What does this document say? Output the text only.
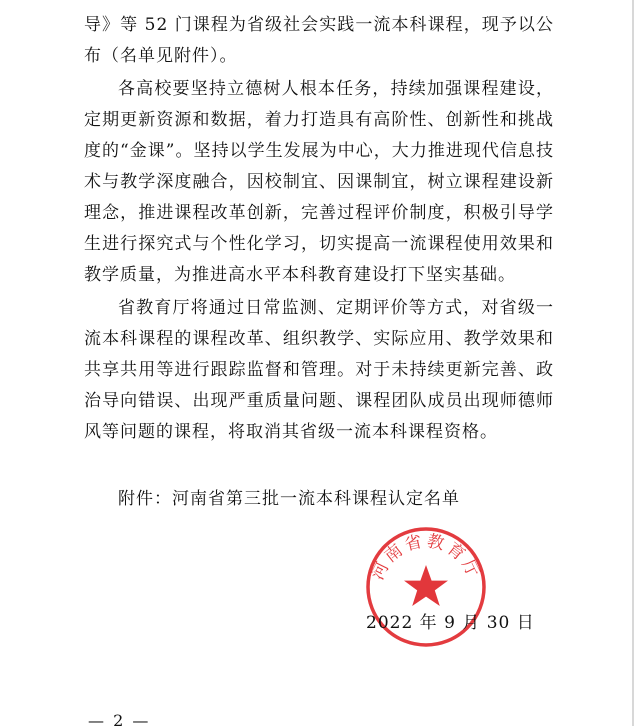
导》等 52 门课程为省级社会实践一流本科课程，现予以公布（名单见附件）。

各高校要坚持立德树人根本任务，持续加强课程建设，定期更新资源和数据，着力打造具有高阶性、创新性和挑战度的“金课”。坚持以学生发展为中心，大力推进现代信息技术与教学深度融合，因校制宜、因课制宜，树立课程建设新理念，推进课程改革创新，完善过程评价制度，积极引导学生进行探究式与个性化学习，切实提高一流课程使用效果和教学质量，为推进高水平本科教育建设打下坚实基础。

省教育厅将通过日常监测、定期评价等方式，对省级一流本科课程的课程改革、组织教学、实际应用、教学效果和共享共用等进行跟踪监督和管理。对于未持续更新完善、政治导向错误、出现严重质量问题、课程团队成员出现师德师风等问题的课程，将取消其省级一流本科课程资格。

附件：河南省第三批一流本科课程认定名单
河南省教育厅
2022 年 9 月 30 日
— 2 —
